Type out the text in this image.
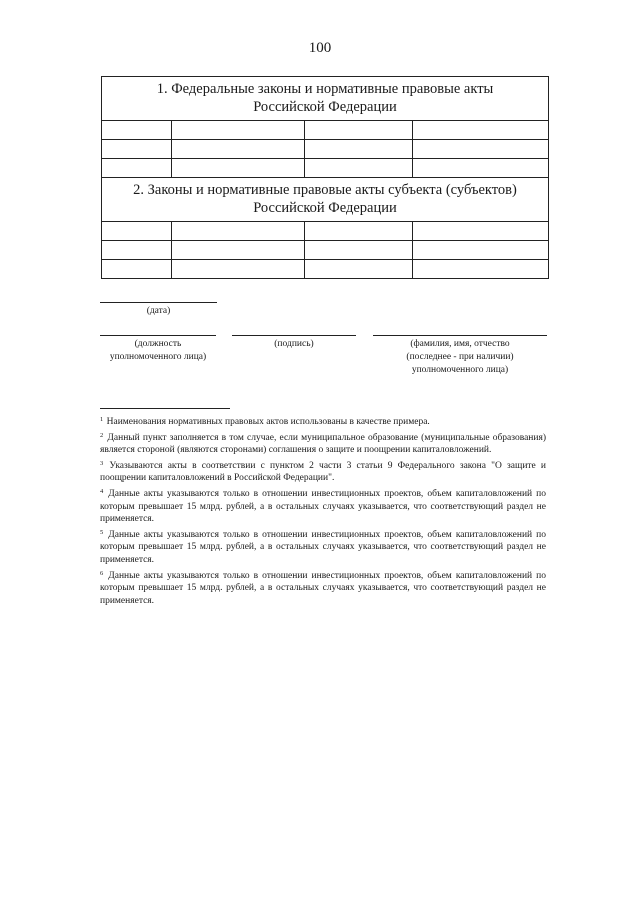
100
1. Федеральные законы и нормативные правовые акты
Российской Федерации			

2. Законы и нормативные правовые акты субъекта (субъектов)
Российской Федерации			

(дата)
(должность
уполномоченного лица)
(подпись)	(фамилия, имя, отчество
(последнее - при наличии)
уполномоченного лица)

$^1$ Наименования нормативных правовых актов использованы в качестве примера.

$^2$ Данный пункт заполняется в том случае, если муниципальное образование (муниципальные образования) является стороной (являются сторонами) соглашения о защите и поощрении капиталовложений.

$^3$ Указываются акты в соответствии с пунктом 2 части 3 статьи 9 Федерального закона "О защите и поощрении капиталовложений в Российской Федерации".

$^4$ Данные акты указываются только в отношении инвестиционных проектов, объем капиталовложений по которым превышает 15 млрд. рублей, а в остальных случаях указывается, что соответствующий раздел не применяется.

$^5$ Данные акты указываются только в отношении инвестиционных проектов, объем капиталовложений по которым превышает 15 млрд. рублей, а в остальных случаях указывается, что соответствующий раздел не применяется.

$^6$ Данные акты указываются только в отношении инвестиционных проектов, объем капиталовложений по которым превышает 15 млрд. рублей, а в остальных случаях указывается, что соответствующий раздел не применяется.
